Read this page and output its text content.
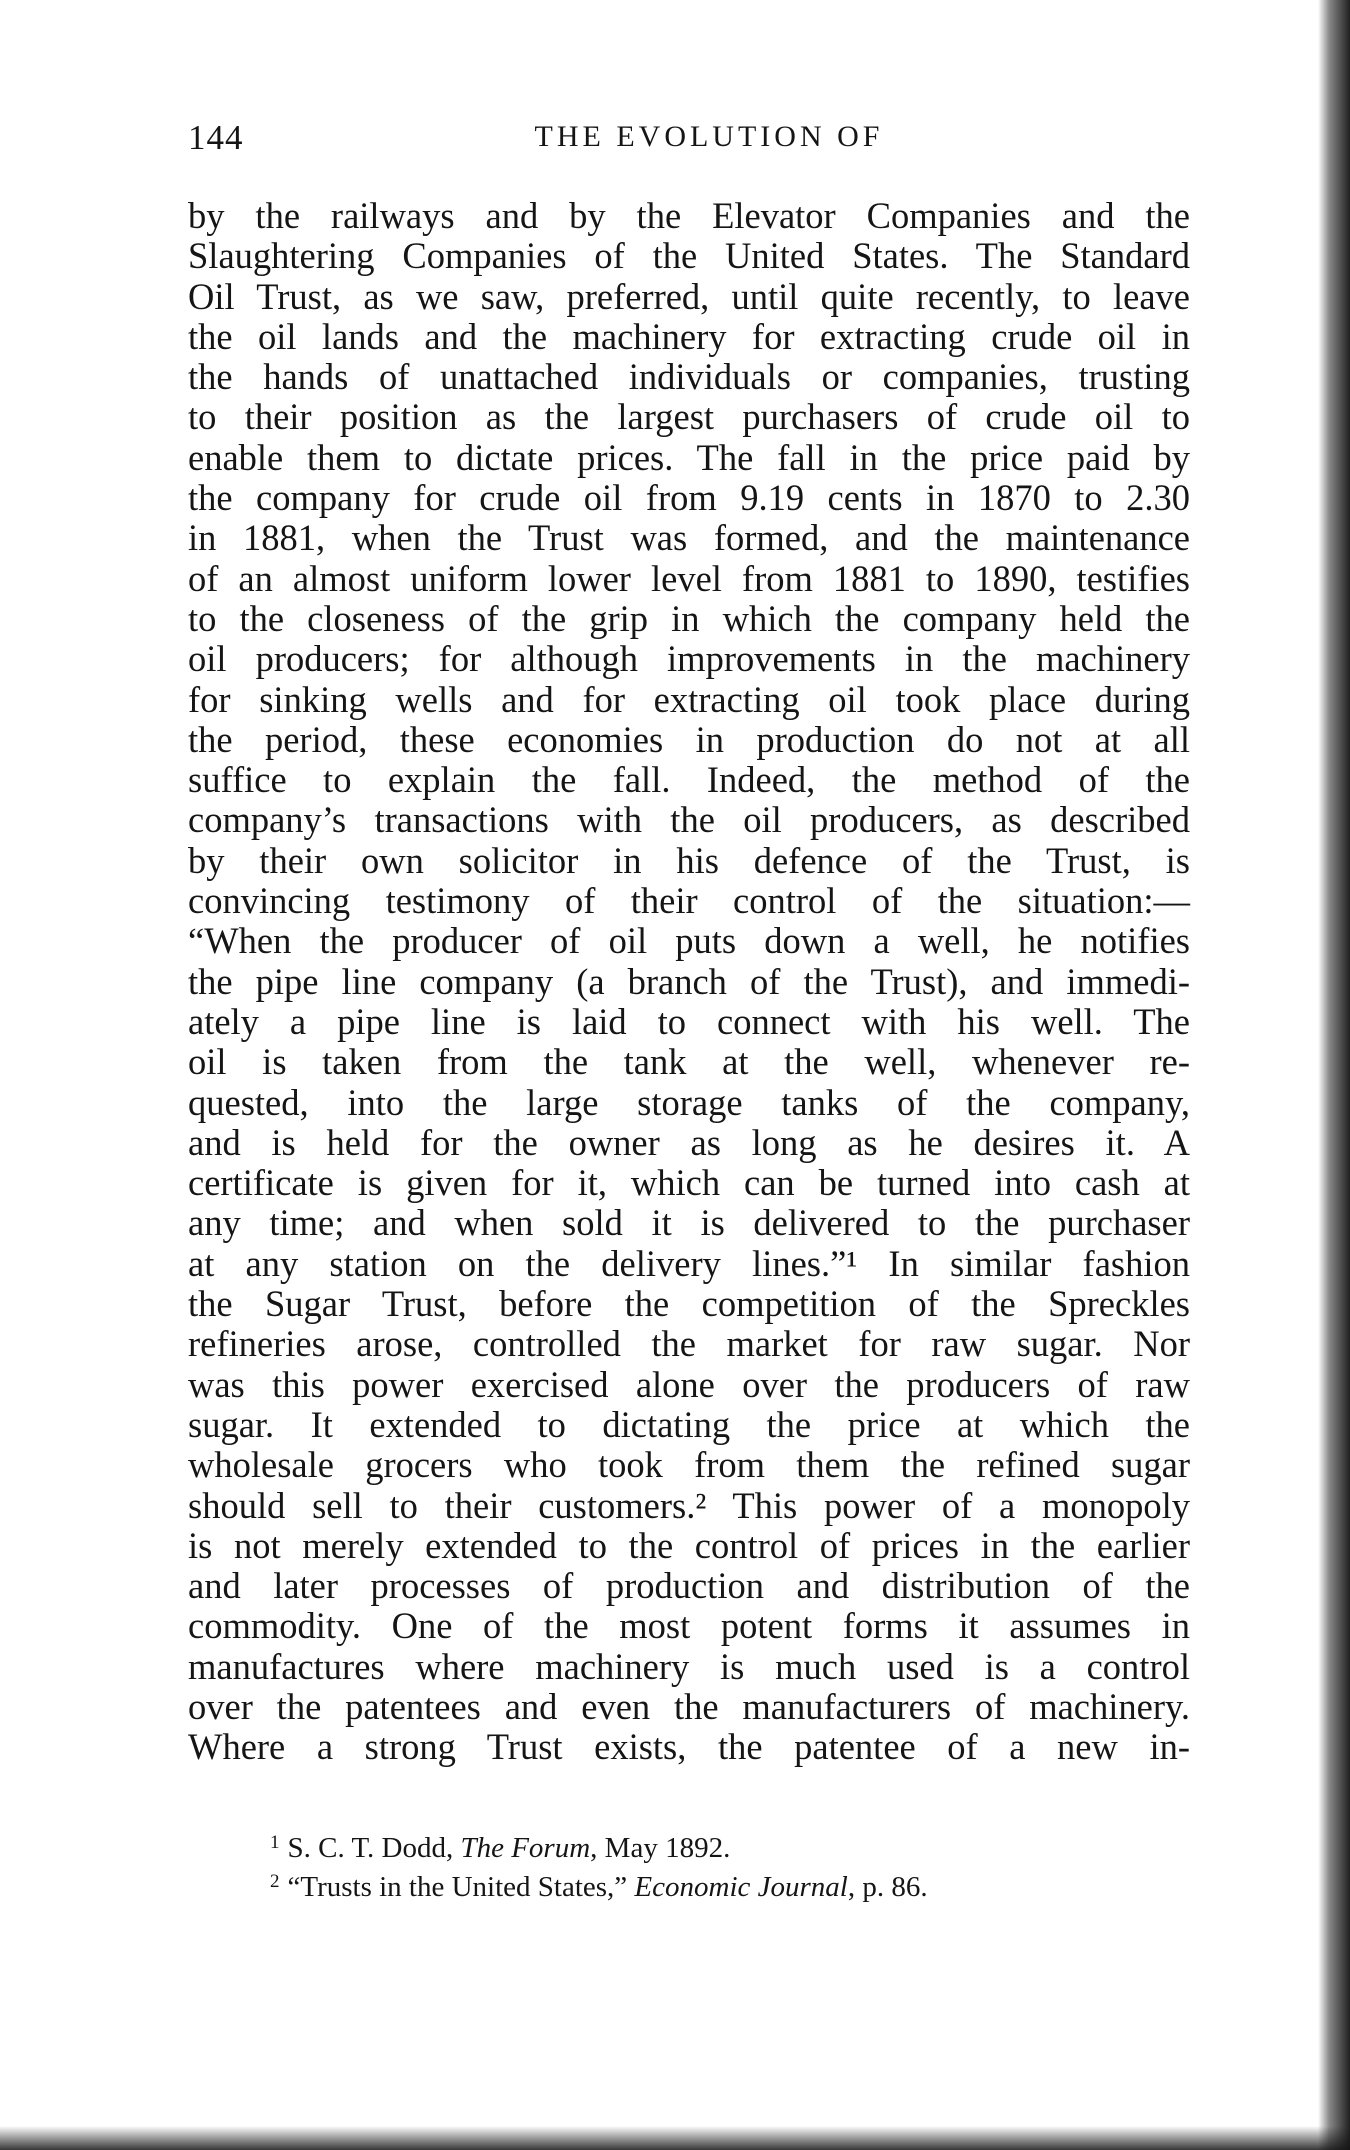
144	THE EVOLUTION OF
by the railways and by the Elevator Companies and the
Slaughtering Companies of the United States. The Standard
Oil Trust, as we saw, preferred, until quite recently, to leave
the oil lands and the machinery for extracting crude oil in
the hands of unattached individuals or companies, trusting
to their position as the largest purchasers of crude oil to
enable them to dictate prices. The fall in the price paid by
the company for crude oil from 9.19 cents in 1870 to 2.30
in 1881, when the Trust was formed, and the maintenance
of an almost uniform lower level from 1881 to 1890, testifies
to the closeness of the grip in which the company held the
oil producers; for although improvements in the machinery
for sinking wells and for extracting oil took place during
the period, these economies in production do not at all
suffice to explain the fall. Indeed, the method of the
company’s transactions with the oil producers, as described
by their own solicitor in his defence of the Trust, is
convincing testimony of their control of the situation:—
“When the producer of oil puts down a well, he notifies
the pipe line company (a branch of the Trust), and immedi-
ately a pipe line is laid to connect with his well. The
oil is taken from the tank at the well, whenever re-
quested, into the large storage tanks of the company,
and is held for the owner as long as he desires it. A
certificate is given for it, which can be turned into cash at
any time; and when sold it is delivered to the purchaser
at any station on the delivery lines.”¹ In similar fashion
the Sugar Trust, before the competition of the Spreckles
refineries arose, controlled the market for raw sugar. Nor
was this power exercised alone over the producers of raw
sugar. It extended to dictating the price at which the
wholesale grocers who took from them the refined sugar
should sell to their customers.² This power of a monopoly
is not merely extended to the control of prices in the earlier
and later processes of production and distribution of the
commodity. One of the most potent forms it assumes in
manufactures where machinery is much used is a control
over the patentees and even the manufacturers of machinery.
Where a strong Trust exists, the patentee of a new in-
$^1$ S. C. T. Dodd, The Forum, May 1892.
$^2$ “Trusts in the United States,” Economic Journal, p. 86.
